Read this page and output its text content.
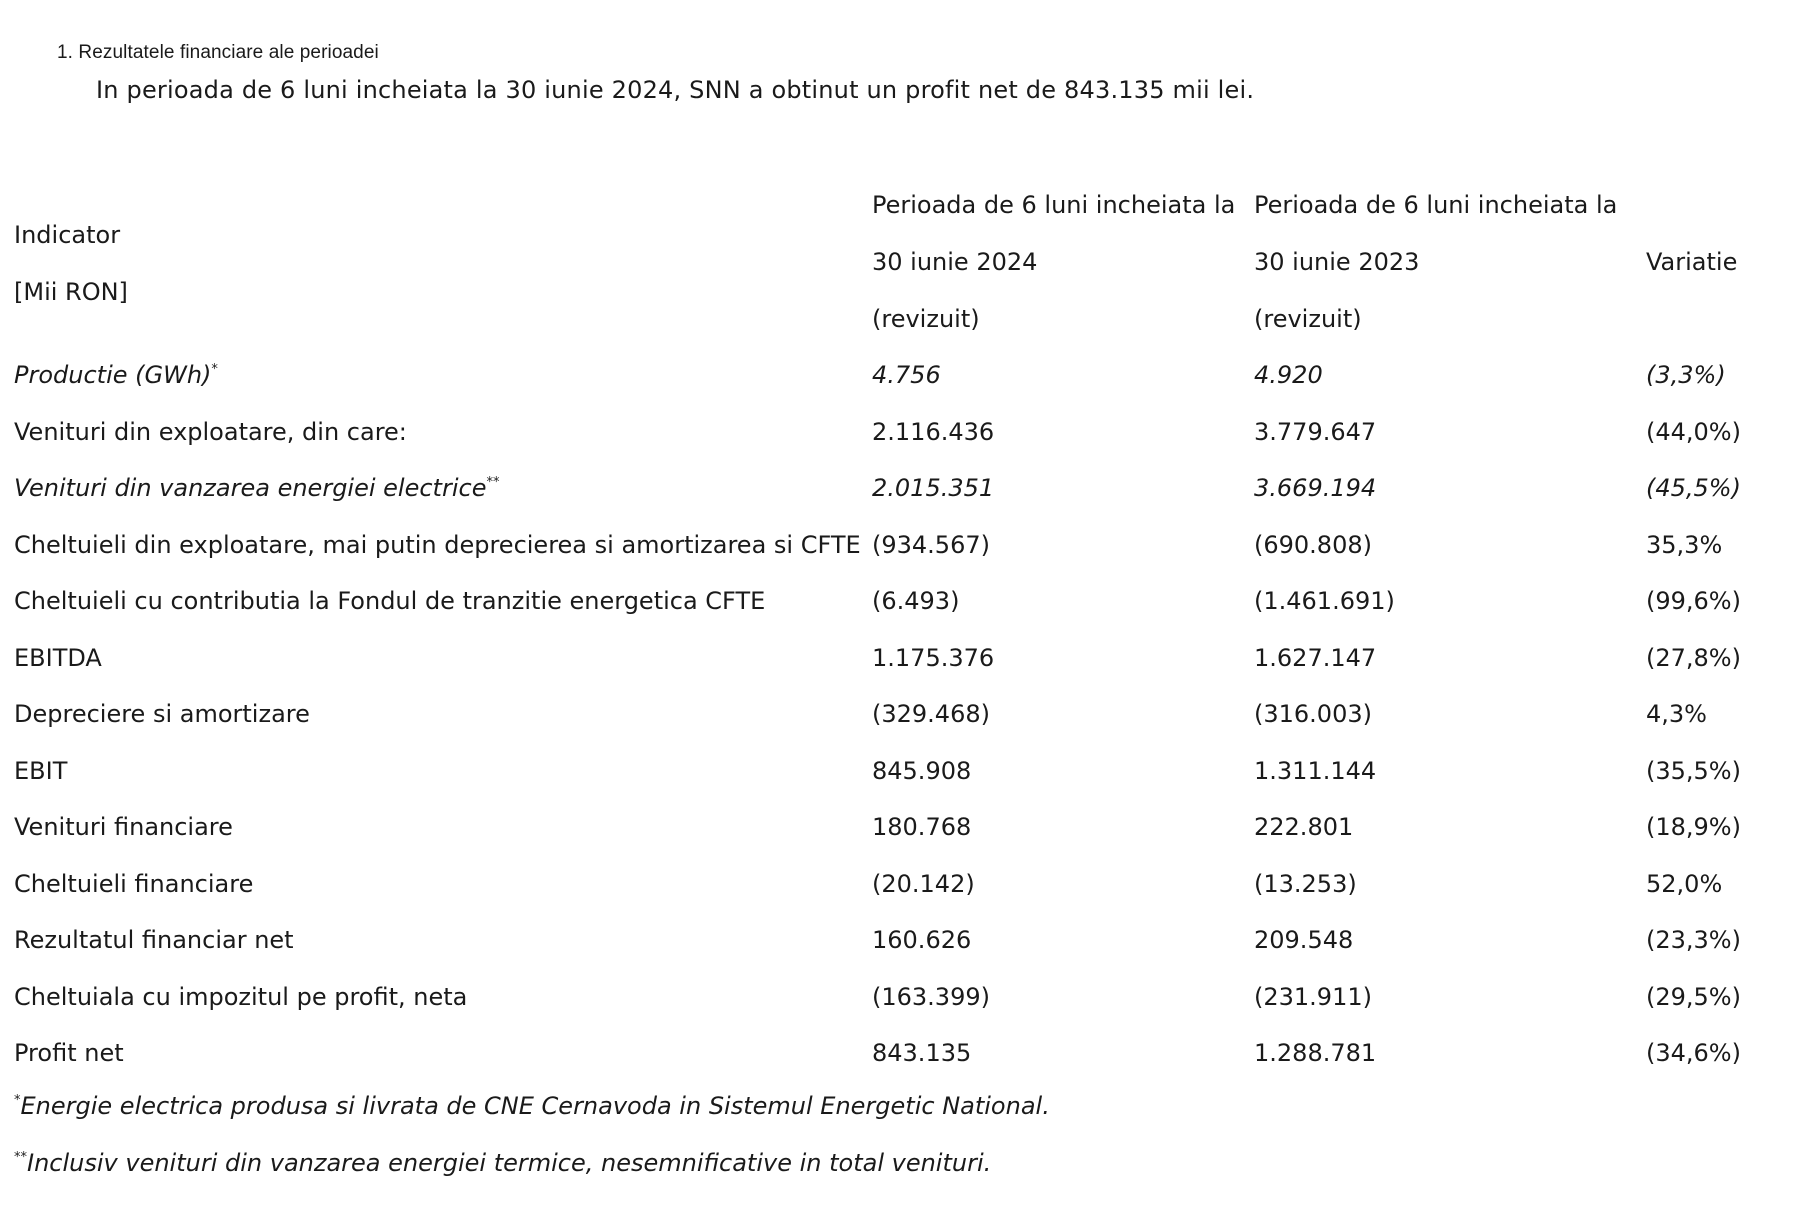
1. Rezultatele financiare ale perioadei
In perioada de 6 luni incheiata la 30 iunie 2024, SNN a obtinut un profit net de 843.135 mii lei.
Indicator
[Mii RON]	Perioada de 6 luni incheiata la	Perioada de 6 luni incheiata la	
	30 iunie 2024	30 iunie 2023	Variatie
	(revizuit)	(revizuit)	
Productie (GWh)*	4.756	4.920	(3,3%)
Venituri din exploatare, din care:	2.116.436	3.779.647	(44,0%)
Venituri din vanzarea energiei electrice**	2.015.351	3.669.194	(45,5%)
Cheltuieli din exploatare, mai putin deprecierea si amortizarea si CFTE	(934.567)	(690.808)	35,3%
Cheltuieli cu contributia la Fondul de tranzitie energetica CFTE	(6.493)	(1.461.691)	(99,6%)
EBITDA	1.175.376	1.627.147	(27,8%)
Depreciere si amortizare	(329.468)	(316.003)	4,3%
EBIT	845.908	1.311.144	(35,5%)
Venituri financiare	180.768	222.801	(18,9%)
Cheltuieli financiare	(20.142)	(13.253)	52,0%
Rezultatul financiar net	160.626	209.548	(23,3%)
Cheltuiala cu impozitul pe profit, neta	(163.399)	(231.911)	(29,5%)
Profit net	843.135	1.288.781	(34,6%)
*Energie electrica produsa si livrata de CNE Cernavoda in Sistemul Energetic National.
**Inclusiv venituri din vanzarea energiei termice, nesemnificative in total venituri.
